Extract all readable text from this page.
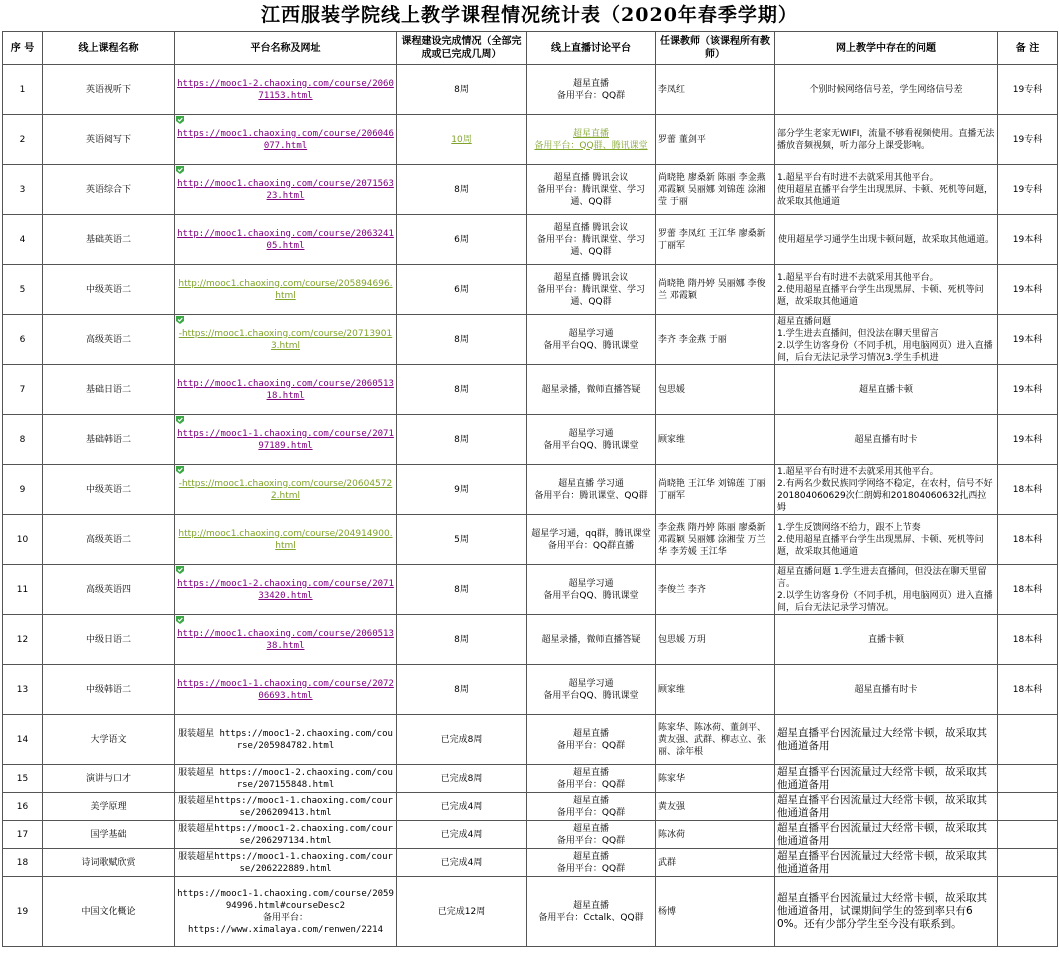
江西服装学院线上教学课程情况统计表（2020年春季学期）
序 号	线上课程名称	平台名称及网址	课程建设完成情况（全部完成或已完成几周）	线上直播讨论平台	任课教师（该课程所有教师）	网上教学中存在的问题	备 注

1	英语视听下	https://mooc1-2.chaoxing.com/course/206071153.html	8周	超星直播
备用平台：QQ群	李凤红	个别时候网络信号差，学生网络信号差	19专科

2	英语阅写下	https://mooc1.chaoxing.com/course/206046077.html	10周	超星直播
备用平台：QQ群、腾讯课堂	罗蕾 董剑平	部分学生老家无WIFI，流量不够看视频使用。直播无法播放音频视频，听力部分上课受影响。	19专科

3	英语综合下	http://mooc1.chaoxing.com/course/207156323.html	8周	超星直播 腾讯会议
备用平台：腾讯课堂、学习通、QQ群	尚晓艳 廖桑新 陈丽 李金燕 邓霞颖 吴丽娜 刘锦莲 涂湘莹 于丽	1.超星平台有时进不去就采用其他平台。
使用超星直播平台学生出现黑屏、卡顿、死机等问题，故采取其他通道	19专科

4	基础英语二	http://mooc1.chaoxing.com/course/206324105.html	6周	超星直播 腾讯会议
备用平台：腾讯课堂、学习通、QQ群	罗蕾 李凤红 王江华 廖桑新 丁丽军	使用超星学习通学生出现卡顿问题，故采取其他通道。	19本科

5	中级英语二	http://mooc1.chaoxing.com/course/205894696.html	6周	超星直播 腾讯会议
备用平台：腾讯课堂、学习通、QQ群	尚晓艳 隋丹婷 吴丽娜 李俊兰 邓霞颖	1.超星平台有时进不去就采用其他平台。
2.使用超星直播平台学生出现黑屏、卡顿、死机等问题，故采取其他通道	19本科

6	高级英语二	-https://mooc1.chaoxing.com/course/207139013.html	8周	超星学习通
备用平台QQ、腾讯课堂	李齐 李金燕 于丽	超星直播问题
1.学生进去直播间，但没法在聊天里留言
2.以学生访客身份（不同手机，用电脑网页）进入直播间，后台无法记录学习情况3.学生手机进	19本科

7	基础日语二	http://mooc1.chaoxing.com/course/206051318.html	8周	超星录播，微师直播答疑	包思媛	超星直播卡顿	19本科

8	基础韩语二	https://mooc1-1.chaoxing.com/course/207197189.html	8周	超星学习通
备用平台QQ、腾讯课堂	顾家维	超星直播有时卡	19本科

9	中级英语二	-https://mooc1.chaoxing.com/course/206045722.html	9周	超星直播 学习通
备用平台：腾讯课堂、QQ群	尚晓艳 王江华 刘锦莲 丁丽 丁丽军	1.超星平台有时进不去就采用其他平台。
2.有两名少数民族同学网络不稳定，在农村，信号不好 201804060629次仁朗姆和201804060632扎西拉姆	18本科

10	高级英语二	http://mooc1.chaoxing.com/course/204914900.html	5周	超星学习通，qq群，腾讯课堂
备用平台：QQ群直播	李金燕 隋丹婷 陈丽 廖桑新 邓霞颖 吴丽娜 涂湘莹 万兰华 李芳媛 王江华	1.学生反馈网络不给力，跟不上节奏
2.使用超星直播平台学生出现黑屏、卡顿、死机等问题，故采取其他通道	18本科

11	高级英语四	https://mooc1-2.chaoxing.com/course/207133420.html	8周	超星学习通
备用平台QQ、腾讯课堂	李俊兰 李齐	超星直播问题 1.学生进去直播间，但没法在聊天里留言。
2.以学生访客身份（不同手机，用电脑网页）进入直播间，后台无法记录学习情况。	18本科

12	中级日语二	http://mooc1.chaoxing.com/course/206051338.html	8周	超星录播，微师直播答疑	包思媛 万玥	直播卡顿	18本科

13	中级韩语二	https://mooc1-1.chaoxing.com/course/207206693.html	8周	超星学习通
备用平台QQ、腾讯课堂	顾家维	超星直播有时卡	18本科

14	大学语文	服装超星 https://mooc1-2.chaoxing.com/course/205984782.html	已完成8周	超星直播
备用平台：QQ群	陈家华、陈冰荷、董剑平、黄友强、武群、柳志立、张丽、涂年根	超星直播平台因流量过大经常卡顿，故采取其他通道备用	

15	演讲与口才	服装超星 https://mooc1-2.chaoxing.com/course/207155848.html	已完成8周	超星直播
备用平台：QQ群	陈家华	超星直播平台因流量过大经常卡顿，故采取其他通道备用	

16	美学原理	服装超星https://mooc1-1.chaoxing.com/course/206209413.html	已完成4周	超星直播
备用平台：QQ群	黄友强	超星直播平台因流量过大经常卡顿，故采取其他通道备用	

17	国学基础	服装超星https://mooc1-2.chaoxing.com/course/206297134.html	已完成4周	超星直播
备用平台：QQ群	陈冰荷	超星直播平台因流量过大经常卡顿，故采取其他通道备用	

18	诗词歌赋欣赏	服装超星https://mooc1-1.chaoxing.com/course/206222889.html	已完成4周	超星直播
备用平台：QQ群	武群	超星直播平台因流量过大经常卡顿，故采取其他通道备用	

19	中国文化概论	https://mooc1-1.chaoxing.com/course/205994996.html#courseDesc2
备用平台：
https://www.ximalaya.com/renwen/2214	已完成12周	超星直播
备用平台：Cctalk、QQ群	杨博	超星直播平台因流量过大经常卡顿，故采取其他通道备用，试课期间学生的签到率只有60%。还有少部分学生至今没有联系到。	
